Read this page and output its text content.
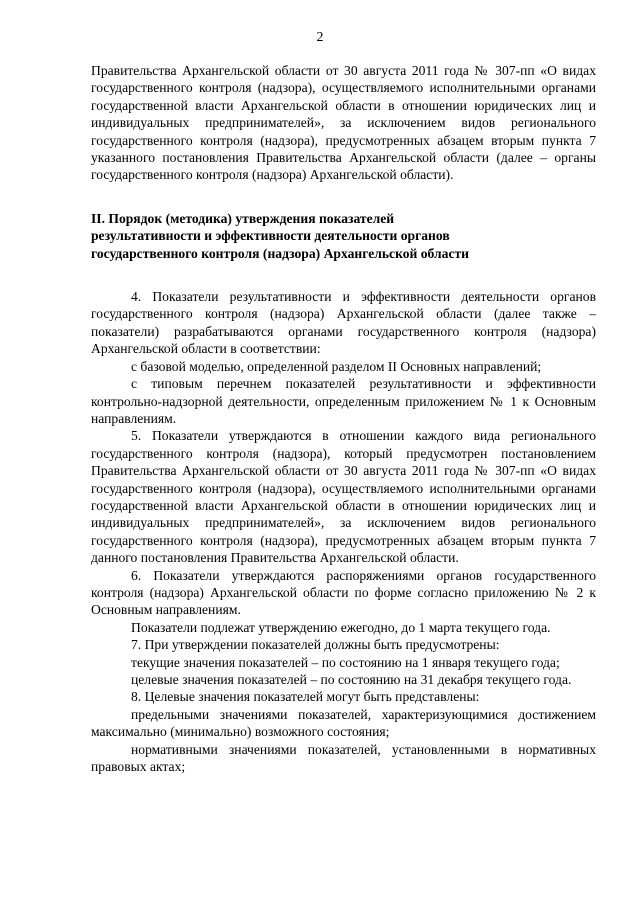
2

Правительства Архангельской области от 30 августа 2011 года № 307-пп «О видах государственного контроля (надзора), осуществляемого исполнительными органами государственной власти Архангельской области в отношении юридических лиц и индивидуальных предпринимателей», за исключением видов регионального государственного контроля (надзора), предусмотренных абзацем вторым пункта 7 указанного постановления Правительства Архангельской области (далее – органы государственного контроля (надзора) Архангельской области).

II. Порядок (методика) утверждения показателей

результативности и эффективности деятельности органов

государственного контроля (надзора) Архангельской области

4. Показатели результативности и эффективности деятельности органов государственного контроля (надзора) Архангельской области (далее также – показатели) разрабатываются органами государственного контроля (надзора) Архангельской области в соответствии:

с базовой моделью, определенной разделом II Основных направлений;

с типовым перечнем показателей результативности и эффективности контрольно-надзорной деятельности, определенным приложением № 1 к Основным направлениям.

5. Показатели утверждаются в отношении каждого вида регионального государственного контроля (надзора), который предусмотрен постановлением Правительства Архангельской области от 30 августа 2011 года № 307-пп «О видах государственного контроля (надзора), осуществляемого исполнительными органами государственной власти Архангельской области в отношении юридических лиц и индивидуальных предпринимателей», за исключением видов регионального государственного контроля (надзора), предусмотренных абзацем вторым пункта 7 данного постановления Правительства Архангельской области.

6. Показатели утверждаются распоряжениями органов государственного контроля (надзора) Архангельской области по форме согласно приложению № 2 к Основным направлениям.

Показатели подлежат утверждению ежегодно, до 1 марта текущего года.

7. При утверждении показателей должны быть предусмотрены:

текущие значения показателей – по состоянию на 1 января текущего года;

целевые значения показателей – по состоянию на 31 декабря текущего года.

8. Целевые значения показателей могут быть представлены:

предельными значениями показателей, характеризующимися достижением максимально (минимально) возможного состояния;

нормативными значениями показателей, установленными в нормативных правовых актах;
